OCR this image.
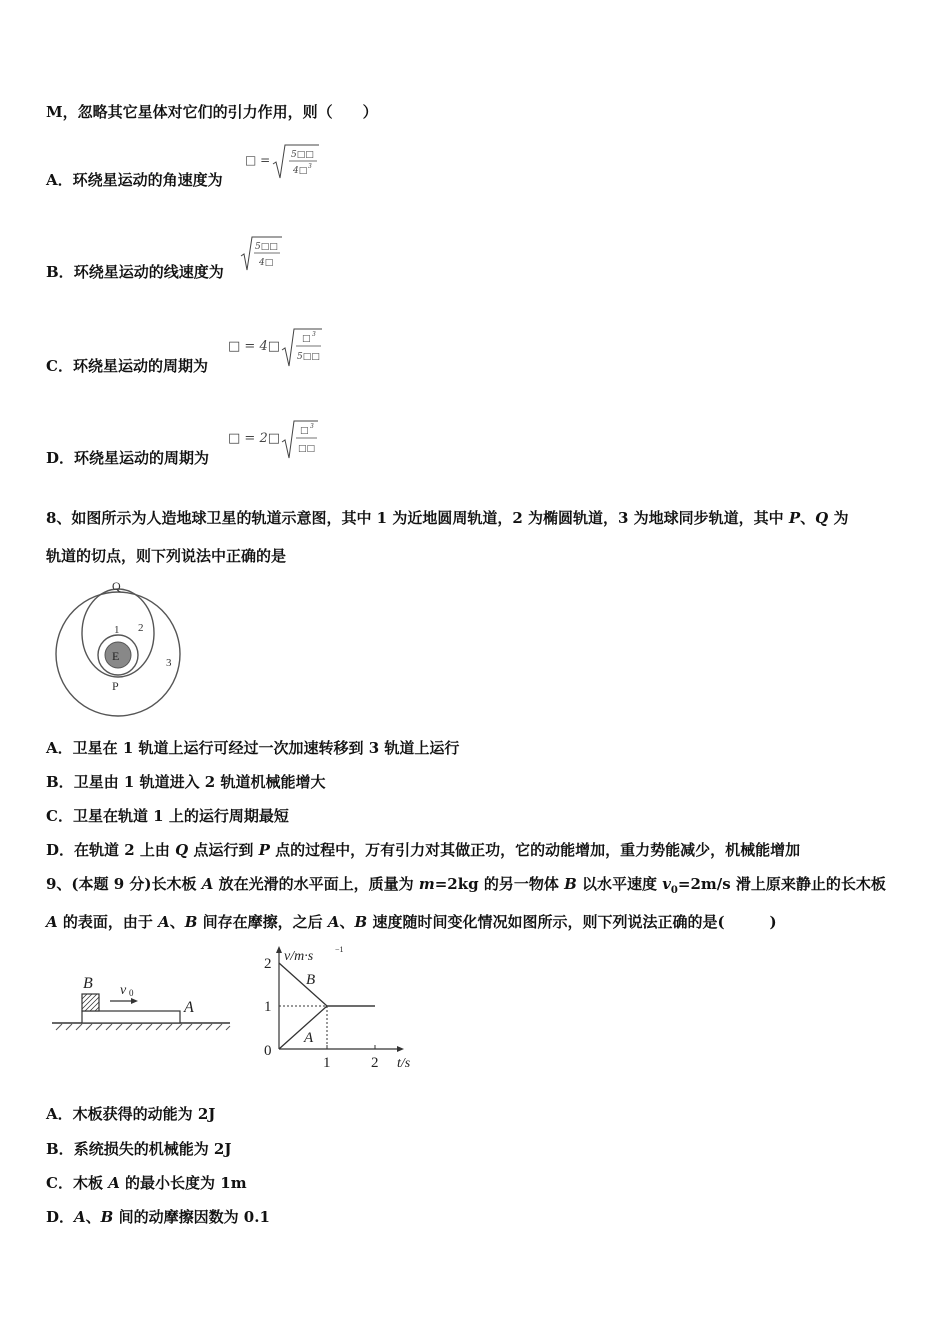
M，忽略其它星体对它们的引力作用，则（　　）
A．环绕星运动的角速度为
□ = 5□□
4□ 3
B．环绕星运动的线速度为
5□□
4□
C．环绕星运动的周期为
□ = 4□ □ 3
5□□
D．环绕星运动的周期为
□ = 2□ □ 3
□□
8、如图所示为人造地球卫星的轨道示意图，其中 1 为近地圆周轨道，2 为椭圆轨道，3 为地球同步轨道，其中 P、Q 为
轨道的切点，则下列说法中正确的是
E
Q
P
1 2
3
A．卫星在 1 轨道上运行可经过一次加速转移到 3 轨道上运行
B．卫星由 1 轨道进入 2 轨道机械能增大
C．卫星在轨道 1 上的运行周期最短
D．在轨道 2 上由 Q 点运行到 P 点的过程中，万有引力对其做正功，它的动能增加，重力势能减少，机械能增加
9、(本题 9 分)长木板 A 放在光滑的水平面上，质量为 m=2kg 的另一物体 B 以水平速度 $v_0=2m/s$ 滑上原来静止的长木板
A 的表面，由于 A、B 间存在摩擦，之后 A、B 速度随时间变化情况如图所示，则下列说法正确的是(　　　)
B v 0
A
0
1
2
1	2
v/m·s	−1
t/s
B
A
A．木板获得的动能为 2J
B．系统损失的机械能为 2J
C．木板 A 的最小长度为 1m
D．A、B 间的动摩擦因数为 0.1
